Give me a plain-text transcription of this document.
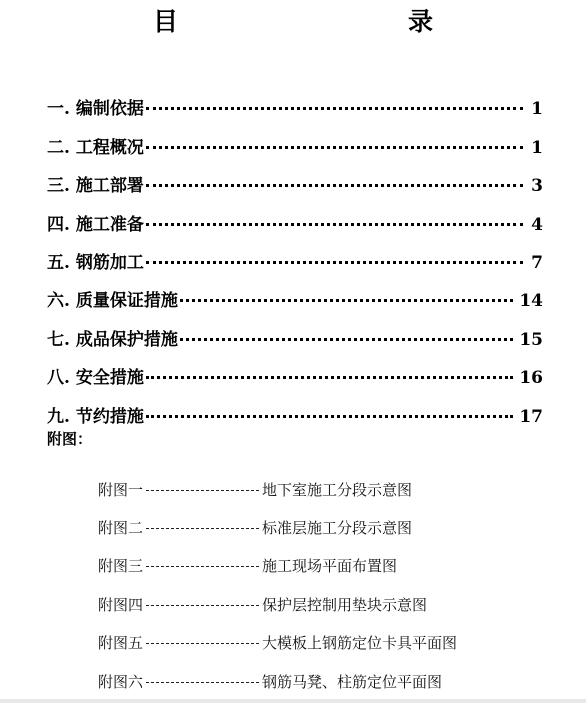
目　　录
一. 编制依据	1
二. 工程概况	1
三. 施工部署	3
四. 施工准备	4
五. 钢筋加工	7
六. 质量保证措施	14
七. 成品保护措施	15
八. 安全措施	16
九. 节约措施	17
附图：
附图一	地下室施工分段示意图
附图二	标准层施工分段示意图
附图三	施工现场平面布置图
附图四	保护层控制用垫块示意图
附图五	大模板上钢筋定位卡具平面图
附图六	钢筋马凳、柱筋定位平面图
